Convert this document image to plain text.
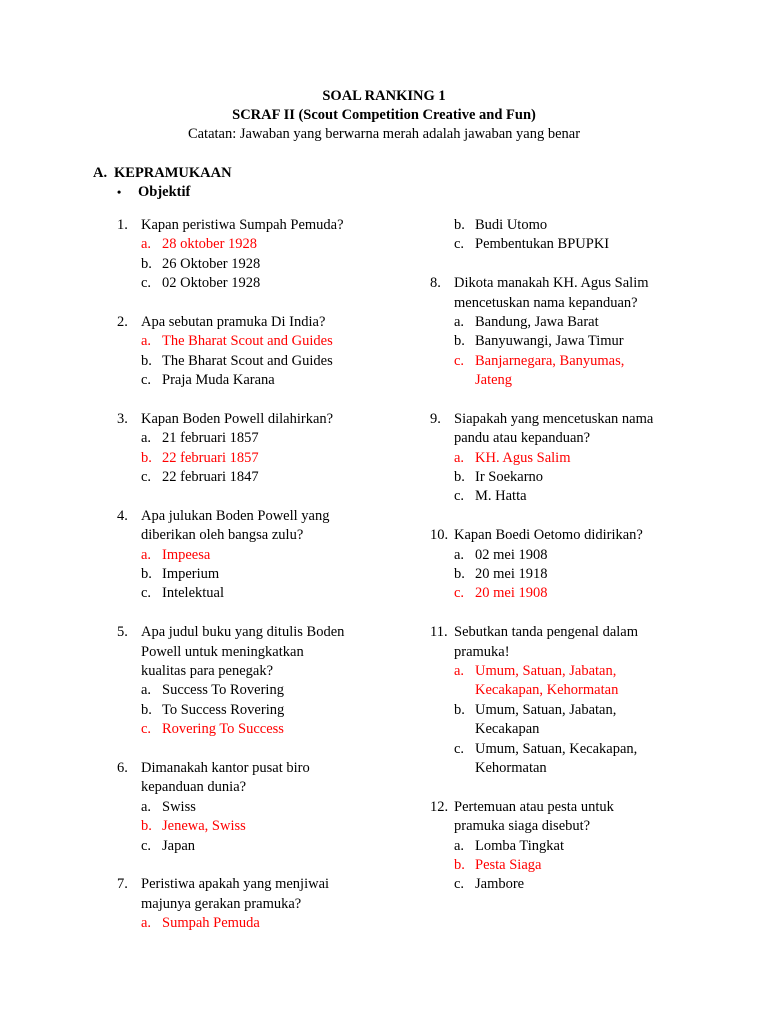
SOAL RANKING 1
SCRAF II (Scout Competition Creative and Fun)
Catatan: Jawaban yang berwarna merah adalah jawaban yang benar
A. KEPRAMUKAAN
• Objektif
1. Kapan peristiwa Sumpah Pemuda?
a. 28 oktober 1928
b. 26 Oktober 1928
c. 02 Oktober 1928
2. Apa sebutan pramuka Di India?
a. The Bharat Scout and Guides
b. The Bharat Scout and Guides
c. Praja Muda Karana
3. Kapan Boden Powell dilahirkan?
a. 21 februari 1857
b. 22 februari 1857
c. 22 februari 1847
4. Apa julukan Boden Powell yang
diberikan oleh bangsa zulu?
a. Impeesa
b. Imperium
c. Intelektual
5. Apa judul buku yang ditulis Boden
Powell untuk meningkatkan
kualitas para penegak?
a. Success To Rovering
b. To Success Rovering
c. Rovering To Success
6. Dimanakah kantor pusat biro
kepanduan dunia?
a. Swiss
b. Jenewa, Swiss
c. Japan
7. Peristiwa apakah yang menjiwai
majunya gerakan pramuka?
a. Sumpah Pemuda
b. Budi Utomo
c. Pembentukan BPUPKI
8. Dikota manakah KH. Agus Salim
mencetuskan nama kepanduan?
a. Bandung, Jawa Barat
b. Banyuwangi, Jawa Timur
c. Banjarnegara, Banyumas,
Jateng
9. Siapakah yang mencetuskan nama
pandu atau kepanduan?
a. KH. Agus Salim
b. Ir Soekarno
c. M. Hatta
10. Kapan Boedi Oetomo didirikan?
a. 02 mei 1908
b. 20 mei 1918
c. 20 mei 1908
11. Sebutkan tanda pengenal dalam
pramuka!
a. Umum, Satuan, Jabatan,
Kecakapan, Kehormatan
b. Umum, Satuan, Jabatan,
Kecakapan
c. Umum, Satuan, Kecakapan,
Kehormatan
12. Pertemuan atau pesta untuk
pramuka siaga disebut?
a. Lomba Tingkat
b. Pesta Siaga
c. Jambore
